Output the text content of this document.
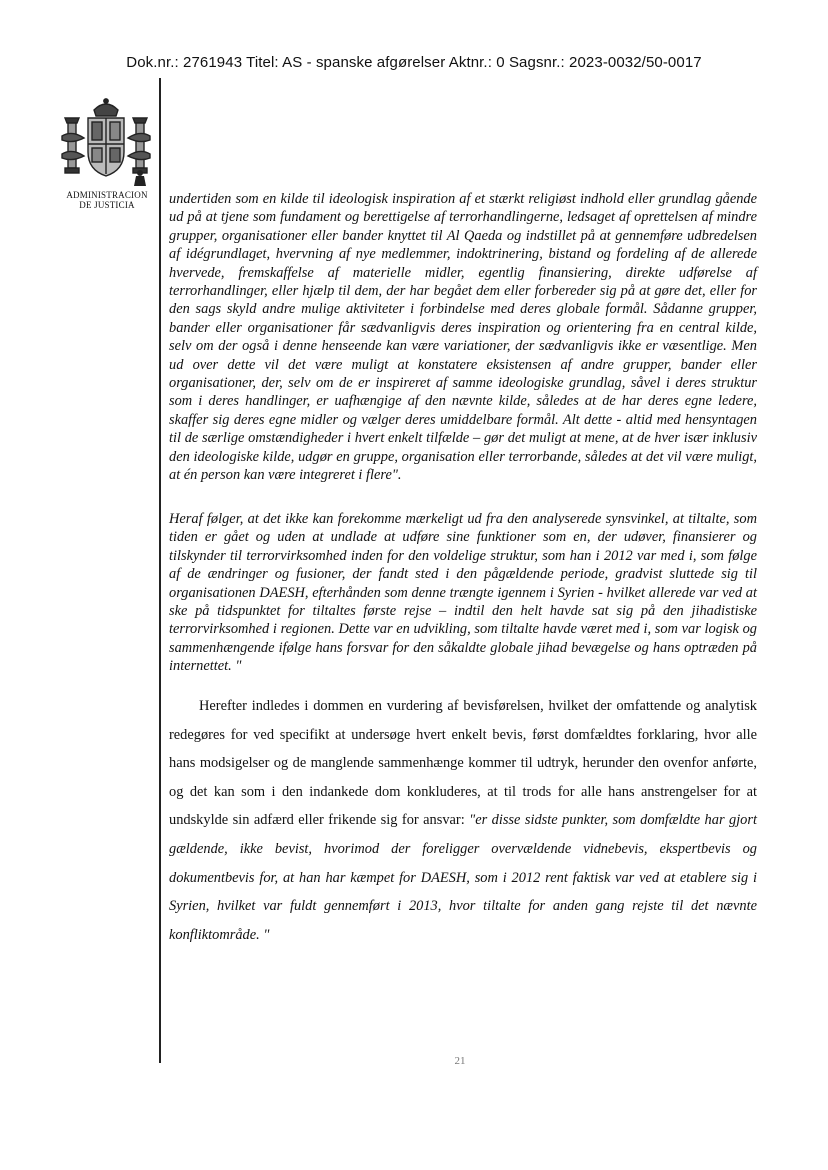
Dok.nr.: 2761943 Titel: AS - spanske afgørelser Aktnr.: 0 Sagsnr.: 2023-0032/50-0017
ADMINISTRACION
DE JUSTICIA	undertiden som en kilde til ideologisk inspiration af et stærkt religiøst indhold eller grundlag gående ud på at tjene som fundament og berettigelse af terrorhandlingerne, ledsaget af oprettelsen af mindre grupper, organisationer eller bander knyttet til Al Qaeda og indstillet på at gennemføre udbredelsen af idégrundlaget, hvervning af nye medlemmer, indoktrinering, bistand og fordeling af de allerede hvervede, fremskaffelse af materielle midler, egentlig finansiering, direkte udførelse af terrorhandlinger, eller hjælp til dem, der har begået dem eller forbereder sig på at gøre det, eller for den sags skyld andre mulige aktiviteter i forbindelse med deres globale formål. Sådanne grupper, bander eller organisationer får sædvanligvis deres inspiration og orientering fra en central kilde, selv om der også i denne henseende kan være variationer, der sædvanligvis ikke er væsentlige. Men ud over dette vil det være muligt at konstatere eksistensen af andre grupper, bander eller organisationer, der, selv om de er inspireret af samme ideologiske grundlag, såvel i deres struktur som i deres handlinger, er uafhængige af den nævnte kilde, således at de har deres egne ledere, skaffer sig deres egne midler og vælger deres umiddelbare formål. Alt dette - altid med hensyntagen til de særlige omstændigheder i hvert enkelt tilfælde – gør det muligt at mene, at de hver især inklusiv den ideologiske kilde, udgør en gruppe, organisation eller terrorbande, således at det vil være muligt, at én person kan være integreret i flere".

Heraf følger, at det ikke kan forekomme mærkeligt ud fra den analyserede synsvinkel, at tiltalte, som tiden er gået og uden at undlade at udføre sine funktioner som en, der udøver, finansierer og tilskynder til terrorvirksomhed inden for den voldelige struktur, som han i 2012 var med i, som følge af de ændringer og fusioner, der fandt sted i den pågældende periode, gradvist sluttede sig til organisationen DAESH, efterhånden som denne trængte igennem i Syrien - hvilket allerede var ved at ske på tidspunktet for tiltaltes første rejse – indtil den helt havde sat sig på den jihadistiske terrorvirksomhed i regionen. Dette var en udvikling, som tiltalte havde været med i, som var logisk og sammenhængende ifølge hans forsvar for den såkaldte globale jihad bevægelse og hans optræden på internettet. "

Herefter indledes i dommen en vurdering af bevisførelsen, hvilket der omfattende og analytisk redegøres for ved specifikt at undersøge hvert enkelt bevis, først domfældtes forklaring, hvor alle hans modsigelser og de manglende sammenhænge kommer til udtryk, herunder den ovenfor anførte, og det kan som i den indankede dom konkluderes, at til trods for alle hans anstrengelser for at undskylde sin adfærd eller frikende sig for ansvar: "er disse sidste punkter, som domfældte har gjort gældende, ikke bevist, hvorimod der foreligger overvældende vidnebevis, ekspertbevis og dokumentbevis for, at han har kæmpet for DAESH, som i 2012 rent faktisk var ved at etablere sig i Syrien, hvilket var fuldt gennemført i 2013, hvor tiltalte for anden gang rejste til det nævnte konfliktområde. "

21
